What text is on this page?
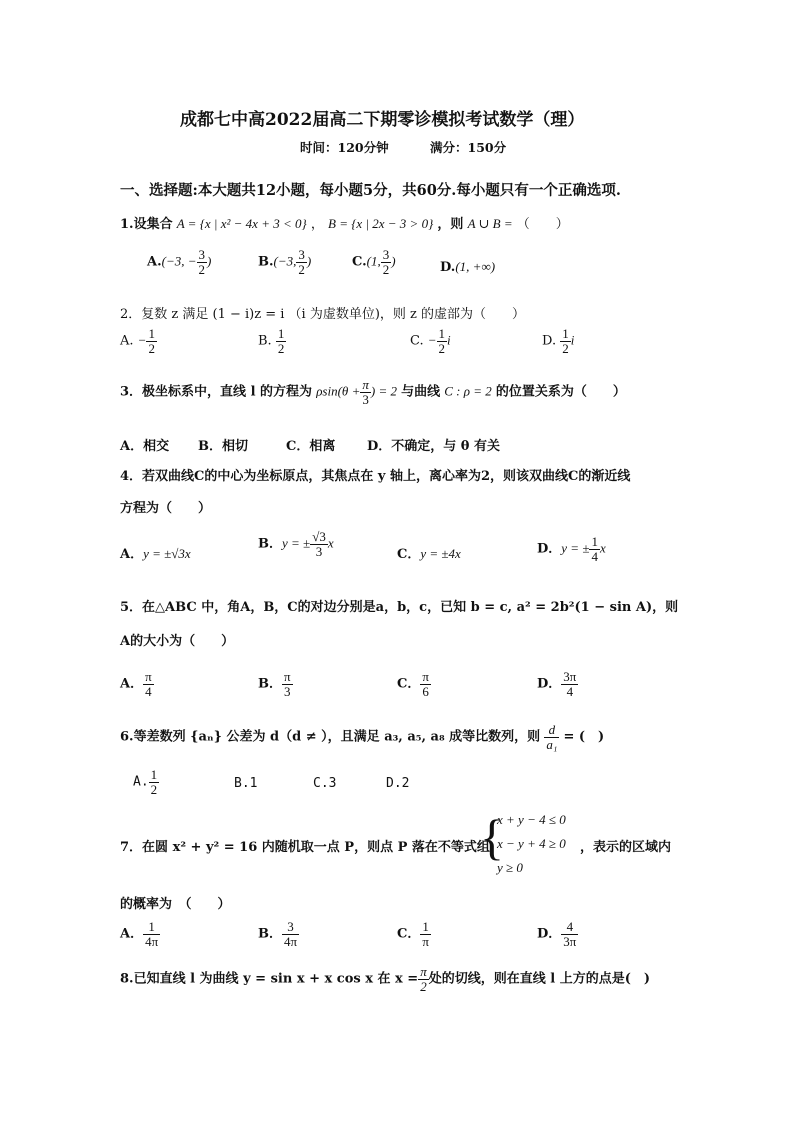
成都七中高2022届高二下期零诊模拟考试数学（理）
时间：120分钟	满分：150分
一、选择题:本大题共12小题，每小题5分，共60分.每小题只有一个正确选项.
1.设集合 A = {x | x² − 4x + 3 < 0} ， B = {x | 2x − 3 > 0} ，则 A ∪ B = （　　）
A.(−3, − $\frac{3}{2}$ )	B.(−3, $\frac{3}{2}$ )	C.(1, $\frac{3}{2}$ )	D.(1, +∞)
2．复数 z 满足 (1 − i)z = i （i 为虚数单位)，则 z 的虚部为（　　）
A. − $\frac{1}{2}$	B. $\frac{1}{2}$	C. − $\frac{1}{2}$ i	D. $\frac{1}{2}$ i
3．极坐标系中，直线 l 的方程为 $\rho\sin(\theta + \frac{\pi}{3}$ ) = 2 与曲线 C : ρ = 2 的位置关系为（　　）
A．相交 B．相切	C．相离 D．不确定，与 θ 有关
4．若双曲线C的中心为坐标原点，其焦点在 y 轴上，离心率为2，则该双曲线C的渐近线
方程为（　　）
A．y = ±√3x
B．y = ± $\frac{√3}{3}$ x
C．y = ±4x	D．y = ± $\frac{1}{4}$ x
5．在△ABC 中，角A，B，C的对边分别是a，b，c，已知 b = c, a² = 2b²(1 − sin A)，则
A的大小为（　　）
A． $\frac{\pi}{4}$	B． $\frac{\pi}{3}$	C． $\frac{\pi}{6}$	D． $\frac{3\pi}{4}$
6.等差数列 {aₙ} 公差为 d（d ≠ ），且满足 a₃, a₅, a₈ 成等比数列，则 $\frac{d}{\text{a₁}}$ = (　)
A. $\frac{1}{2}$	B.1	C.3	D.2
7．在圆 x² + y² = 16 内随机取一点 P，则点 P 落在不等式组
{
x + y − 4 ≤ 0
x − y + 4 ≥ 0
y ≥ 0
，表示的区域内
的概率为　（　　）
A． $\frac{1}{4\pi}$	B． $\frac{3}{4\pi}$	C． $\frac{1}{\pi}$	D． $\frac{4}{3\pi}$
8.已知直线 l 为曲线 y = sin x + x cos x 在 $x = \frac{\pi}{2}$ 处的切线，则在直线 l 上方的点是(　)
